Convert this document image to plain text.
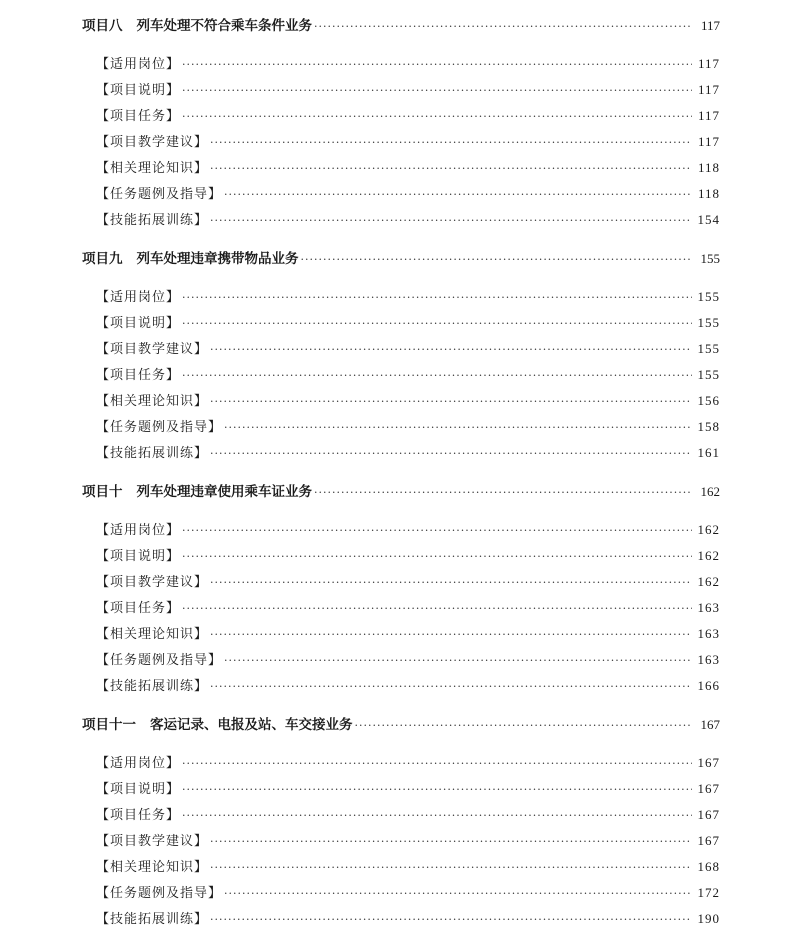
项目八 列车处理不符合乘车条件业务 ·····	117
【适用岗位】 ·····	117
【项目说明】 ·····	117
【项目任务】 ·····	117
【项目教学建议】 ·····	117
【相关理论知识】 ·····	118
【任务题例及指导】 ·····	118
【技能拓展训练】 ·····	154
项目九 列车处理违章携带物品业务 ·····	155
【适用岗位】 ·····	155
【项目说明】 ·····	155
【项目教学建议】 ·····	155
【项目任务】 ·····	155
【相关理论知识】 ·····	156
【任务题例及指导】 ·····	158
【技能拓展训练】 ·····	161
项目十 列车处理违章使用乘车证业务 ·····	162
【适用岗位】 ·····	162
【项目说明】 ·····	162
【项目教学建议】 ·····	162
【项目任务】 ·····	163
【相关理论知识】 ·····	163
【任务题例及指导】 ·····	163
【技能拓展训练】 ·····	166
项目十一 客运记录、电报及站、车交接业务 ·····	167
【适用岗位】 ·····	167
【项目说明】 ·····	167
【项目任务】 ·····	167
【项目教学建议】 ·····	167
【相关理论知识】 ·····	168
【任务题例及指导】 ·····	172
【技能拓展训练】 ·····	190
